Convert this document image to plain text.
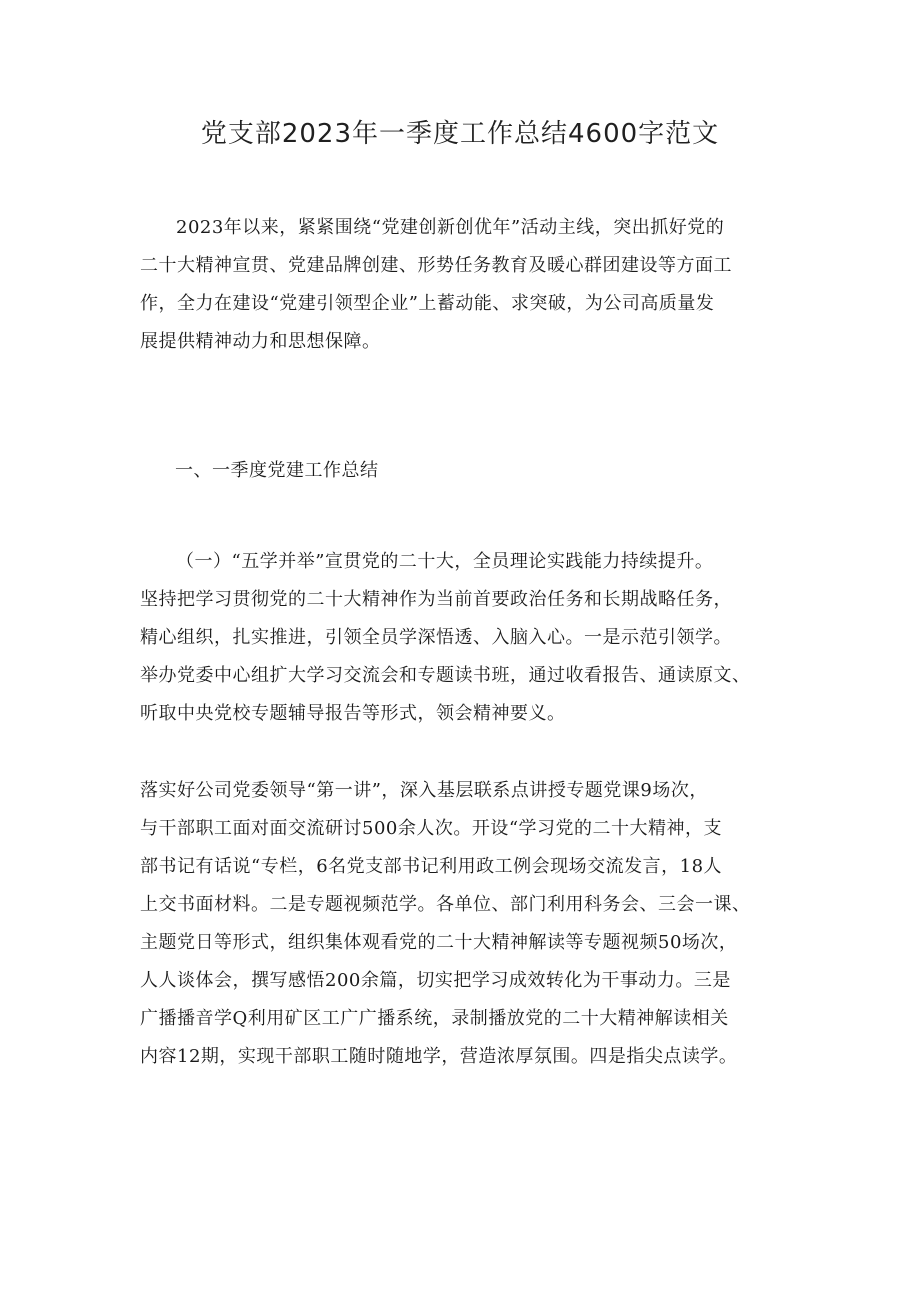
党支部2023年一季度工作总结4600字范文
2023年以来，紧紧围绕“党建创新创优年”活动主线，突出抓好党的
二十大精神宣贯、党建品牌创建、形势任务教育及暖心群团建设等方面工
作，全力在建设“党建引领型企业”上蓄动能、求突破，为公司高质量发
展提供精神动力和思想保障。
一、一季度党建工作总结
（一）“五学并举”宣贯党的二十大，全员理论实践能力持续提升。
坚持把学习贯彻党的二十大精神作为当前首要政治任务和长期战略任务，
精心组织，扎实推进，引领全员学深悟透、入脑入心。一是示范引领学。
举办党委中心组扩大学习交流会和专题读书班，通过收看报告、通读原文、
听取中央党校专题辅导报告等形式，领会精神要义。
落实好公司党委领导“第一讲”，深入基层联系点讲授专题党课9场次，
与干部职工面对面交流研讨500余人次。开设“学习党的二十大精神，支
部书记有话说“专栏，6名党支部书记利用政工例会现场交流发言，18人
上交书面材料。二是专题视频范学。各单位、部门利用科务会、三会一课、
主题党日等形式，组织集体观看党的二十大精神解读等专题视频50场次，
人人谈体会，撰写感悟200余篇，切实把学习成效转化为干事动力。三是
广播播音学Q利用矿区工广广播系统，录制播放党的二十大精神解读相关
内容12期，实现干部职工随时随地学，营造浓厚氛围。四是指尖点读学。
